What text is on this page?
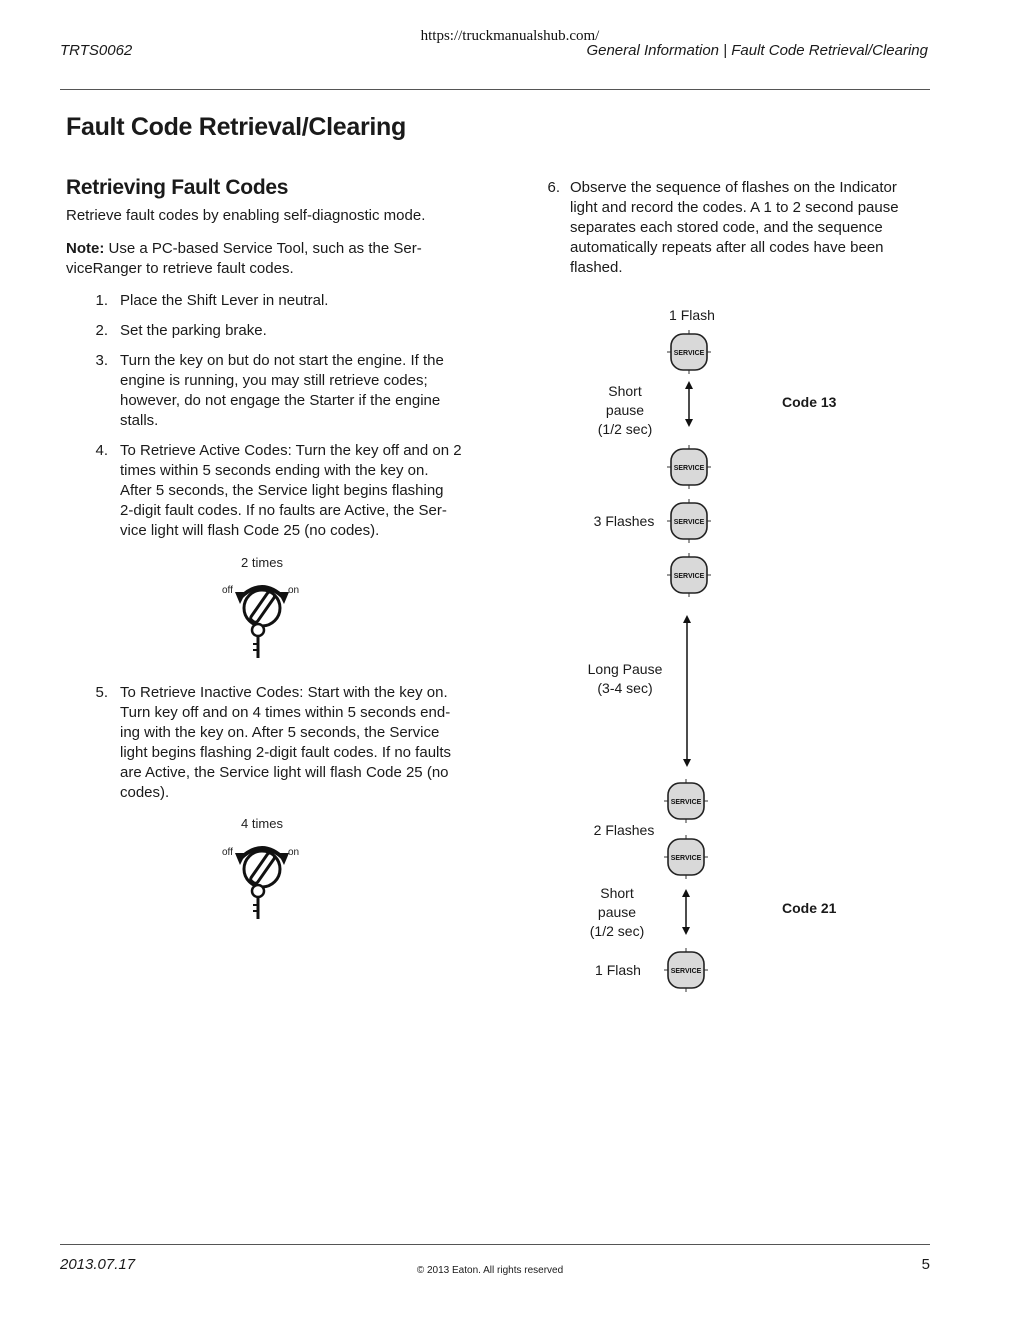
https://truckmanualshub.com/
TRTS0062	General Information | Fault Code Retrieval/Clearing
Fault Code Retrieval/Clearing
Retrieving Fault Codes
Retrieve fault codes by enabling self-diagnostic mode.
Note: Use a PC-based Service Tool, such as the Ser-
viceRanger to retrieve fault codes.
1. Place the Shift Lever in neutral.
2. Set the parking brake.
3. Turn the key on but do not start the engine. If the
engine is running, you may still retrieve codes;
however, do not engage the Starter if the engine
stalls.
4. To Retrieve Active Codes: Turn the key off and on 2
times within 5 seconds ending with the key on.
After 5 seconds, the Service light begins flashing
2-digit fault codes. If no faults are Active, the Ser-
vice light will flash Code 25 (no codes).
2 times
off	on
5. To Retrieve Inactive Codes: Start with the key on.
Turn key off and on 4 times within 5 seconds end-
ing with the key on. After 5 seconds, the Service
light begins flashing 2-digit fault codes. If no faults
are Active, the Service light will flash Code 25 (no
codes).
4 times
off	on
6. Observe the sequence of flashes on the Indicator
light and record the codes. A 1 to 2 second pause
separates each stored code, and the sequence
automatically repeats after all codes have been
flashed.
1 Flash
SERVICE
Short
pause
(1/2 sec)
Code 13
SERVICE
3 Flashes	SERVICE
SERVICE
Long Pause
(3-4 sec)
SERVICE
2 Flashes
SERVICE
Short
pause
(1/2 sec)
Code 21
1 Flash	SERVICE
2013.07.17	© 2013 Eaton. All rights reserved	5
